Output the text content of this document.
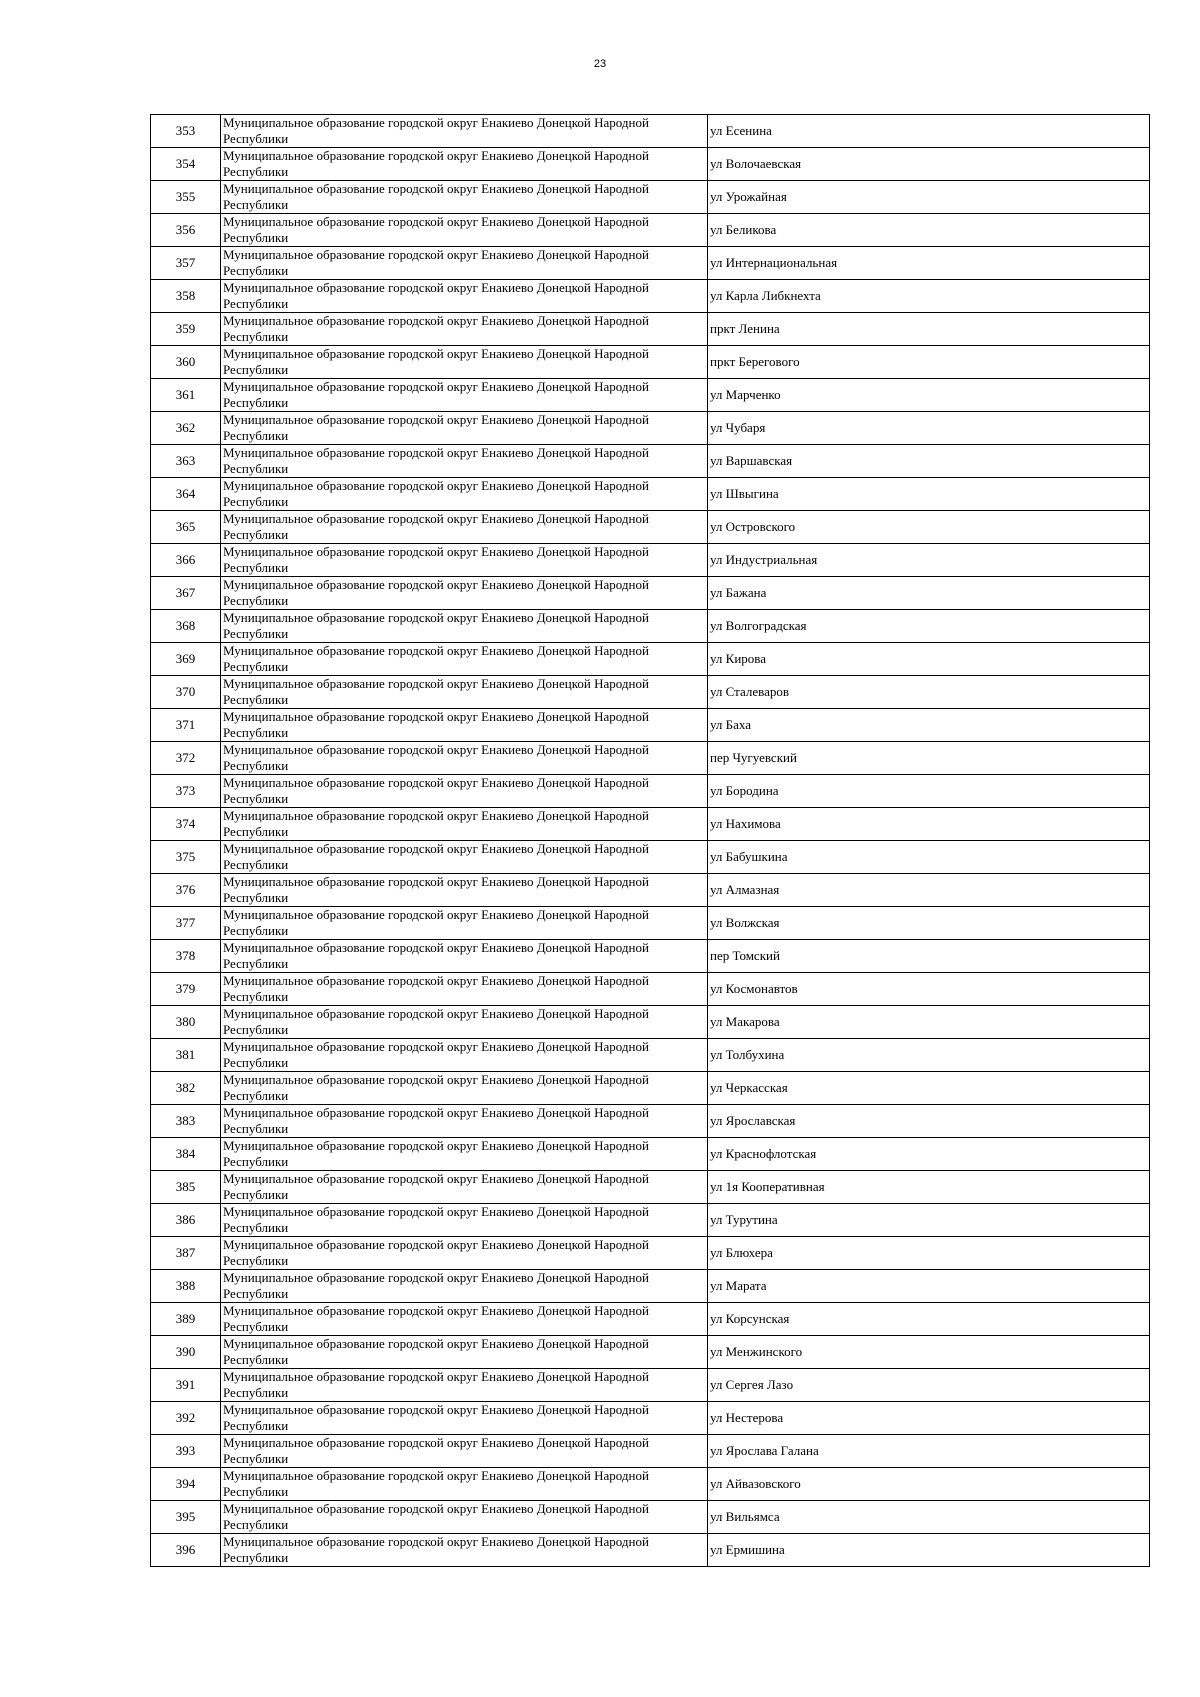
23
353	Муниципальное образование городской округ Енакиево Донецкой Народной Республики	ул Есенина
354	Муниципальное образование городской округ Енакиево Донецкой Народной Республики	ул Волочаевская
355	Муниципальное образование городской округ Енакиево Донецкой Народной Республики	ул Урожайная
356	Муниципальное образование городской округ Енакиево Донецкой Народной Республики	ул Беликова
357	Муниципальное образование городской округ Енакиево Донецкой Народной Республики	ул Интернациональная
358	Муниципальное образование городской округ Енакиево Донецкой Народной Республики	ул Карла Либкнехта
359	Муниципальное образование городской округ Енакиево Донецкой Народной Республики	пркт Ленина
360	Муниципальное образование городской округ Енакиево Донецкой Народной Республики	пркт Берегового
361	Муниципальное образование городской округ Енакиево Донецкой Народной Республики	ул Марченко
362	Муниципальное образование городской округ Енакиево Донецкой Народной Республики	ул Чубаря
363	Муниципальное образование городской округ Енакиево Донецкой Народной Республики	ул Варшавская
364	Муниципальное образование городской округ Енакиево Донецкой Народной Республики	ул Швыгина
365	Муниципальное образование городской округ Енакиево Донецкой Народной Республики	ул Островского
366	Муниципальное образование городской округ Енакиево Донецкой Народной Республики	ул Индустриальная
367	Муниципальное образование городской округ Енакиево Донецкой Народной Республики	ул Бажана
368	Муниципальное образование городской округ Енакиево Донецкой Народной Республики	ул Волгоградская
369	Муниципальное образование городской округ Енакиево Донецкой Народной Республики	ул Кирова
370	Муниципальное образование городской округ Енакиево Донецкой Народной Республики	ул Сталеваров
371	Муниципальное образование городской округ Енакиево Донецкой Народной Республики	ул Баха
372	Муниципальное образование городской округ Енакиево Донецкой Народной Республики	пер Чугуевский
373	Муниципальное образование городской округ Енакиево Донецкой Народной Республики	ул Бородина
374	Муниципальное образование городской округ Енакиево Донецкой Народной Республики	ул Нахимова
375	Муниципальное образование городской округ Енакиево Донецкой Народной Республики	ул Бабушкина
376	Муниципальное образование городской округ Енакиево Донецкой Народной Республики	ул Алмазная
377	Муниципальное образование городской округ Енакиево Донецкой Народной Республики	ул Волжская
378	Муниципальное образование городской округ Енакиево Донецкой Народной Республики	пер Томский
379	Муниципальное образование городской округ Енакиево Донецкой Народной Республики	ул Космонавтов
380	Муниципальное образование городской округ Енакиево Донецкой Народной Республики	ул Макарова
381	Муниципальное образование городской округ Енакиево Донецкой Народной Республики	ул Толбухина
382	Муниципальное образование городской округ Енакиево Донецкой Народной Республики	ул Черкасская
383	Муниципальное образование городской округ Енакиево Донецкой Народной Республики	ул Ярославская
384	Муниципальное образование городской округ Енакиево Донецкой Народной Республики	ул Краснофлотская
385	Муниципальное образование городской округ Енакиево Донецкой Народной Республики	ул 1я Кооперативная
386	Муниципальное образование городской округ Енакиево Донецкой Народной Республики	ул Турутина
387	Муниципальное образование городской округ Енакиево Донецкой Народной Республики	ул Блюхера
388	Муниципальное образование городской округ Енакиево Донецкой Народной Республики	ул Марата
389	Муниципальное образование городской округ Енакиево Донецкой Народной Республики	ул Корсунская
390	Муниципальное образование городской округ Енакиево Донецкой Народной Республики	ул Менжинского
391	Муниципальное образование городской округ Енакиево Донецкой Народной Республики	ул Сергея Лазо
392	Муниципальное образование городской округ Енакиево Донецкой Народной Республики	ул Нестерова
393	Муниципальное образование городской округ Енакиево Донецкой Народной Республики	ул Ярослава Галана
394	Муниципальное образование городской округ Енакиево Донецкой Народной Республики	ул Айвазовского
395	Муниципальное образование городской округ Енакиево Донецкой Народной Республики	ул Вильямса
396	Муниципальное образование городской округ Енакиево Донецкой Народной Республики	ул Ермишина
